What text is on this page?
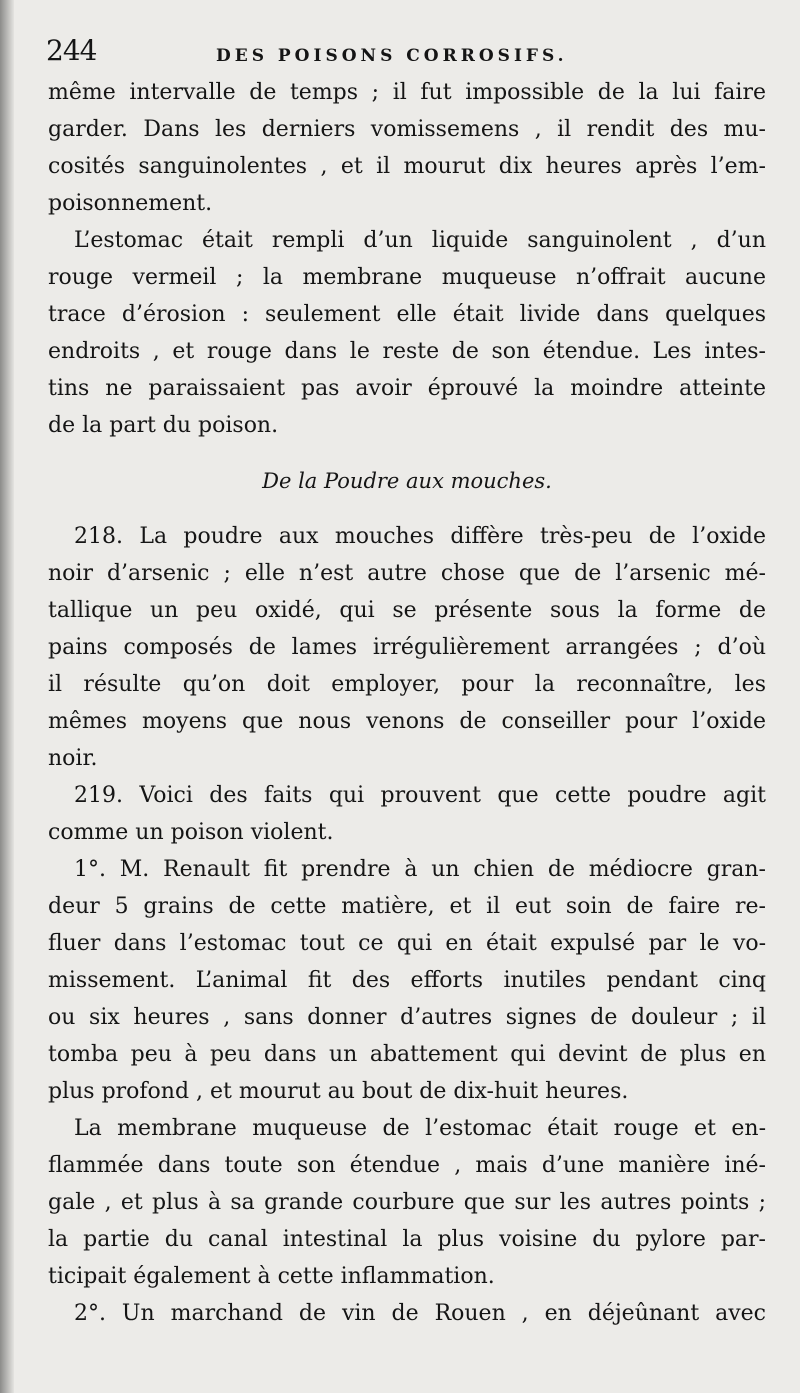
244	DES POISONS CORROSIFS.
même intervalle de temps ; il fut impossible de la lui faire
garder. Dans les derniers vomissemens , il rendit des mu-
cosités sanguinolentes , et il mourut dix heures après l’em-
poisonnement.
L’estomac était rempli d’un liquide sanguinolent , d’un
rouge vermeil ; la membrane muqueuse n’offrait aucune
trace d’érosion : seulement elle était livide dans quelques
endroits , et rouge dans le reste de son étendue. Les intes-
tins ne paraissaient pas avoir éprouvé la moindre atteinte
de la part du poison.
De la Poudre aux mouches.
218. La poudre aux mouches diffère très-peu de l’oxide
noir d’arsenic ; elle n’est autre chose que de l’arsenic mé-
tallique un peu oxidé, qui se présente sous la forme de
pains composés de lames irrégulièrement arrangées ; d’où
il résulte qu’on doit employer, pour la reconnaître, les
mêmes moyens que nous venons de conseiller pour l’oxide
noir.
219. Voici des faits qui prouvent que cette poudre agit
comme un poison violent.
1°. M. Renault fit prendre à un chien de médiocre gran-
deur 5 grains de cette matière, et il eut soin de faire re-
fluer dans l’estomac tout ce qui en était expulsé par le vo-
missement. L’animal fit des efforts inutiles pendant cinq
ou six heures , sans donner d’autres signes de douleur ; il
tomba peu à peu dans un abattement qui devint de plus en
plus profond , et mourut au bout de dix-huit heures.
La membrane muqueuse de l’estomac était rouge et en-
flammée dans toute son étendue , mais d’une manière iné-
gale , et plus à sa grande courbure que sur les autres points ;
la partie du canal intestinal la plus voisine du pylore par-
ticipait également à cette inflammation.
2°. Un marchand de vin de Rouen , en déjeûnant avec
